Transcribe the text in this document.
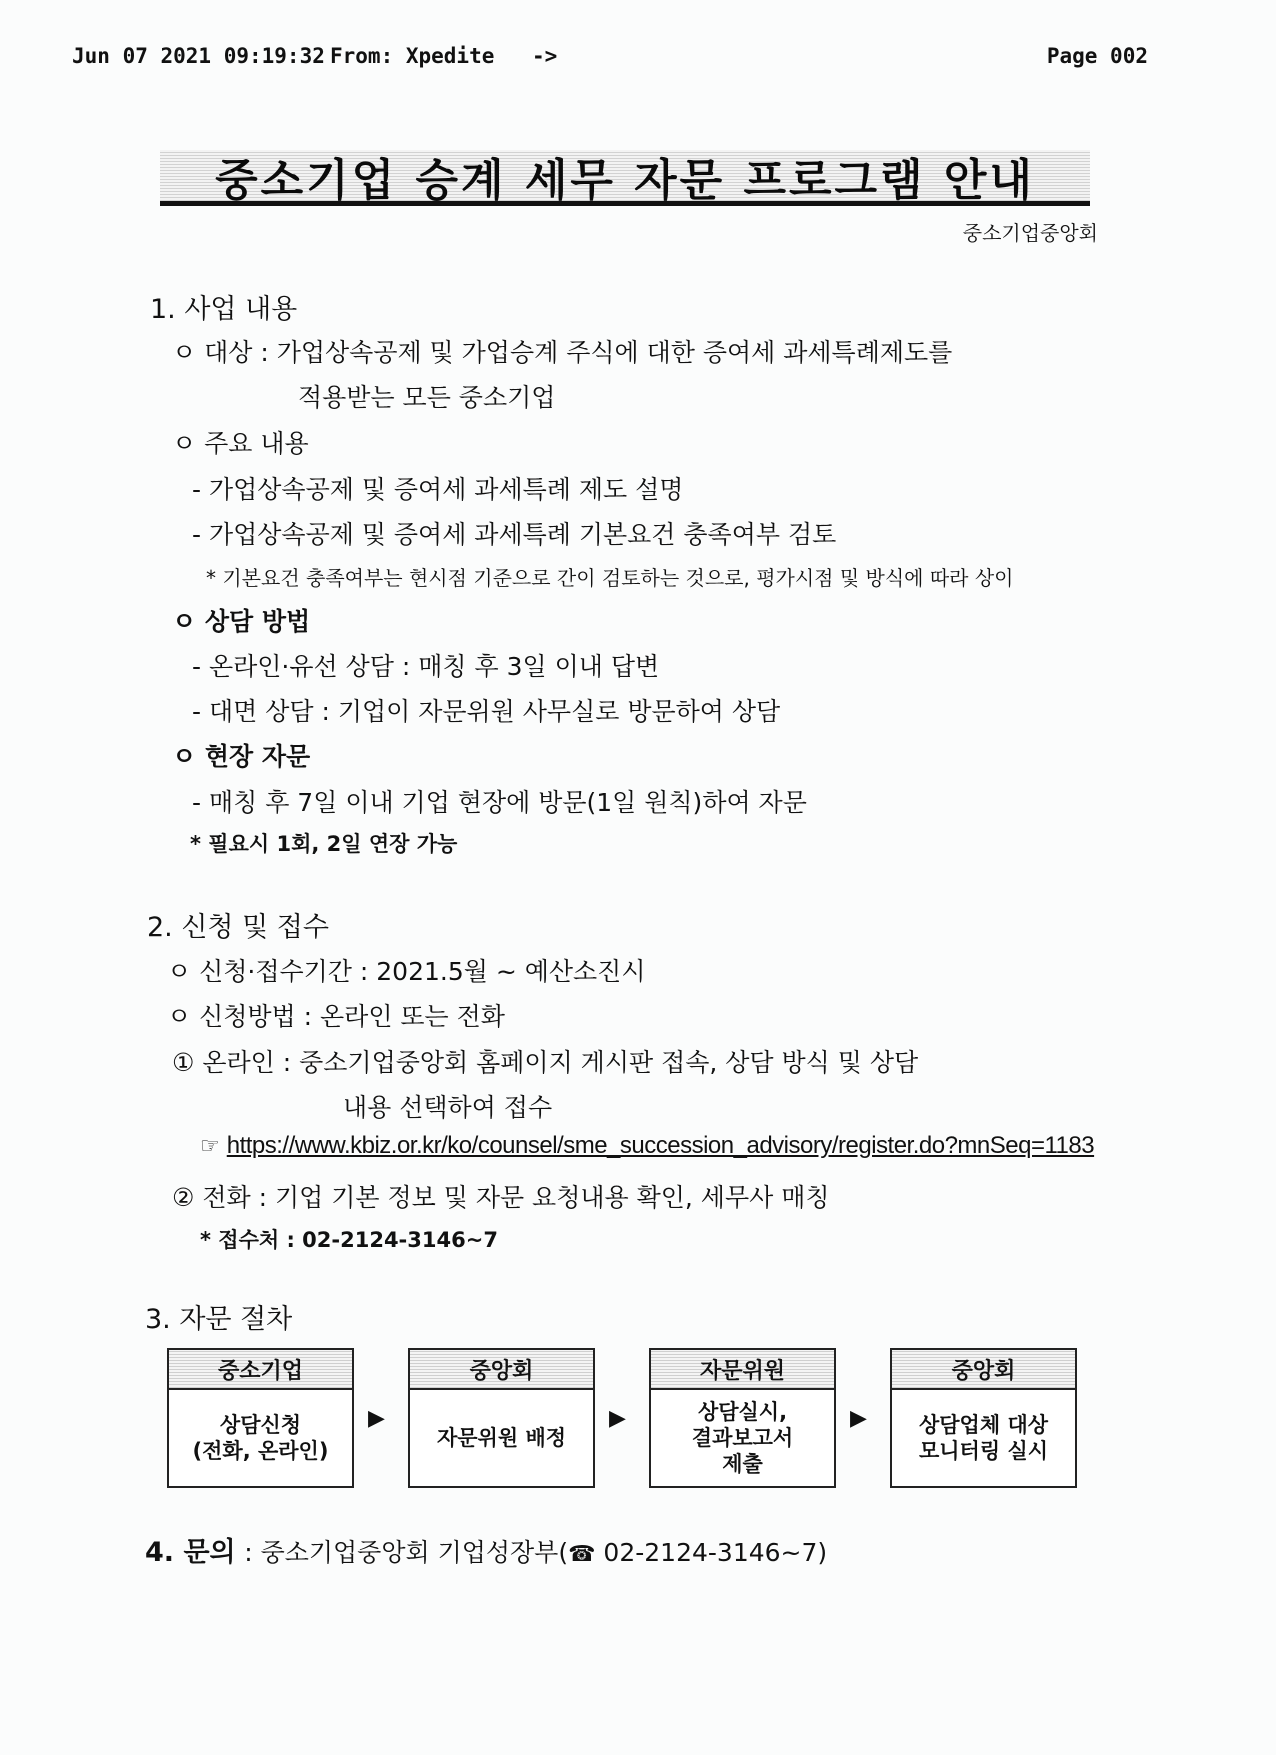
Jun 07 2021 09:19:32 From: Xpedite ->	Page 002
중소기업 승계 세무 자문 프로그램 안내
중소기업중앙회
1. 사업 내용
ㅇ 대상 : 가업상속공제 및 가업승계 주식에 대한 증여세 과세특례제도를
적용받는 모든 중소기업
ㅇ 주요 내용
- 가업상속공제 및 증여세 과세특례 제도 설명
- 가업상속공제 및 증여세 과세특례 기본요건 충족여부 검토
* 기본요건 충족여부는 현시점 기준으로 간이 검토하는 것으로, 평가시점 및 방식에 따라 상이
ㅇ 상담 방법
- 온라인·유선 상담 : 매칭 후 3일 이내 답변
- 대면 상담 : 기업이 자문위원 사무실로 방문하여 상담
ㅇ 현장 자문
- 매칭 후 7일 이내 기업 현장에 방문(1일 원칙)하여 자문
* 필요시 1회, 2일 연장 가능
2. 신청 및 접수
ㅇ 신청·접수기간 : 2021.5월 ~ 예산소진시
ㅇ 신청방법 : 온라인 또는 전화
① 온라인 : 중소기업중앙회 홈페이지 게시판 접속, 상담 방식 및 상담
내용 선택하여 접수
☞ https://www.kbiz.or.kr/ko/counsel/sme_succession_advisory/register.do?mnSeq=1183
② 전화 : 기업 기본 정보 및 자문 요청내용 확인, 세무사 매칭
* 접수처 : 02-2124-3146~7
3. 자문 절차
중소기업
상담신청
(전화, 온라인)
▶
중앙회
자문위원 배정
▶
자문위원
상담실시,
결과보고서
제출
▶
중앙회
상담업체 대상
모니터링 실시
4. 문의 : 중소기업중앙회 기업성장부(☎ 02-2124-3146~7)
